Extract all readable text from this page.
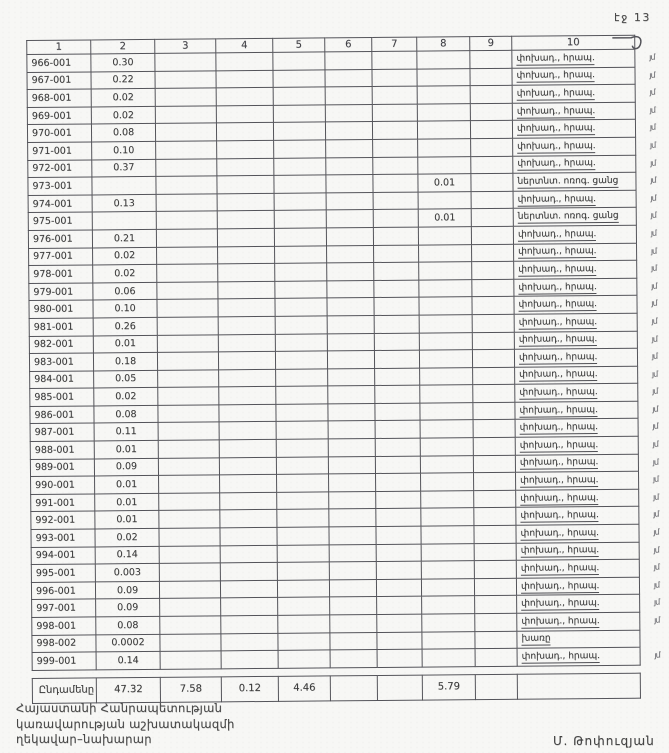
էջ 13
1	2	3	4	5	6	7	8	9	10
966-001	0.30								փոխադ., հրապ. յմ

967-001	0.22								փոխադ., հրապ. յմ

968-001	0.02								փոխադ., հրապ. յմ

969-001	0.02								փոխադ., հրապ. յմ

970-001	0.08								փոխադ., հրապ. յմ

971-001	0.10								փոխադ., հրապ. յմ

972-001	0.37								փոխադ., հրապ. յմ

973-001							0.01		ներտնտ. ոռոգ. ցանց յմ

974-001	0.13								փոխադ., հրապ. յմ

975-001							0.01		ներտնտ. ոռոգ. ցանց յմ

976-001	0.21								փոխադ., հրապ. յմ

977-001	0.02								փոխադ., հրապ. յմ

978-001	0.02								փոխադ., հրապ. յմ

979-001	0.06								փոխադ., հրապ. յմ

980-001	0.10								փոխադ., հրապ. յմ

981-001	0.26								փոխադ., հրապ. յմ

982-001	0.01								փոխադ., հրապ. յմ

983-001	0.18								փոխադ., հրապ. յմ

984-001	0.05								փոխադ., հրապ. յմ

985-001	0.02								փոխադ., հրապ. յմ

986-001	0.08								փոխադ., հրապ. յմ

987-001	0.11								փոխադ., հրապ. յմ

988-001	0.01								փոխադ., հրապ. յմ

989-001	0.09								փոխադ., հրապ. յմ

990-001	0.01								փոխադ., հրապ. յմ

991-001	0.01								փոխադ., հրապ. յմ

992-001	0.01								փոխադ., հրապ. յմ

993-001	0.02								փոխադ., հրապ. յմ

994-001	0.14								փոխադ., հրապ. յմ

995-001	0.003								փոխադ., հրապ. յմ

996-001	0.09								փոխադ., հրապ. յմ

997-001	0.09								փոխադ., հրապ. յմ

998-001	0.08								փոխադ., հրապ. յմ

998-002	0.0002								խառը
999-001	0.14								փոխադ., հրապ. յմ

Ընդամենը	47.32	7.58	0.12	4.46			5.79		
Հայաստանի Հանրապետության
կառավարության աշխատակազմի
ղեկավար–նախարար	Մ. Թոփուզյան
